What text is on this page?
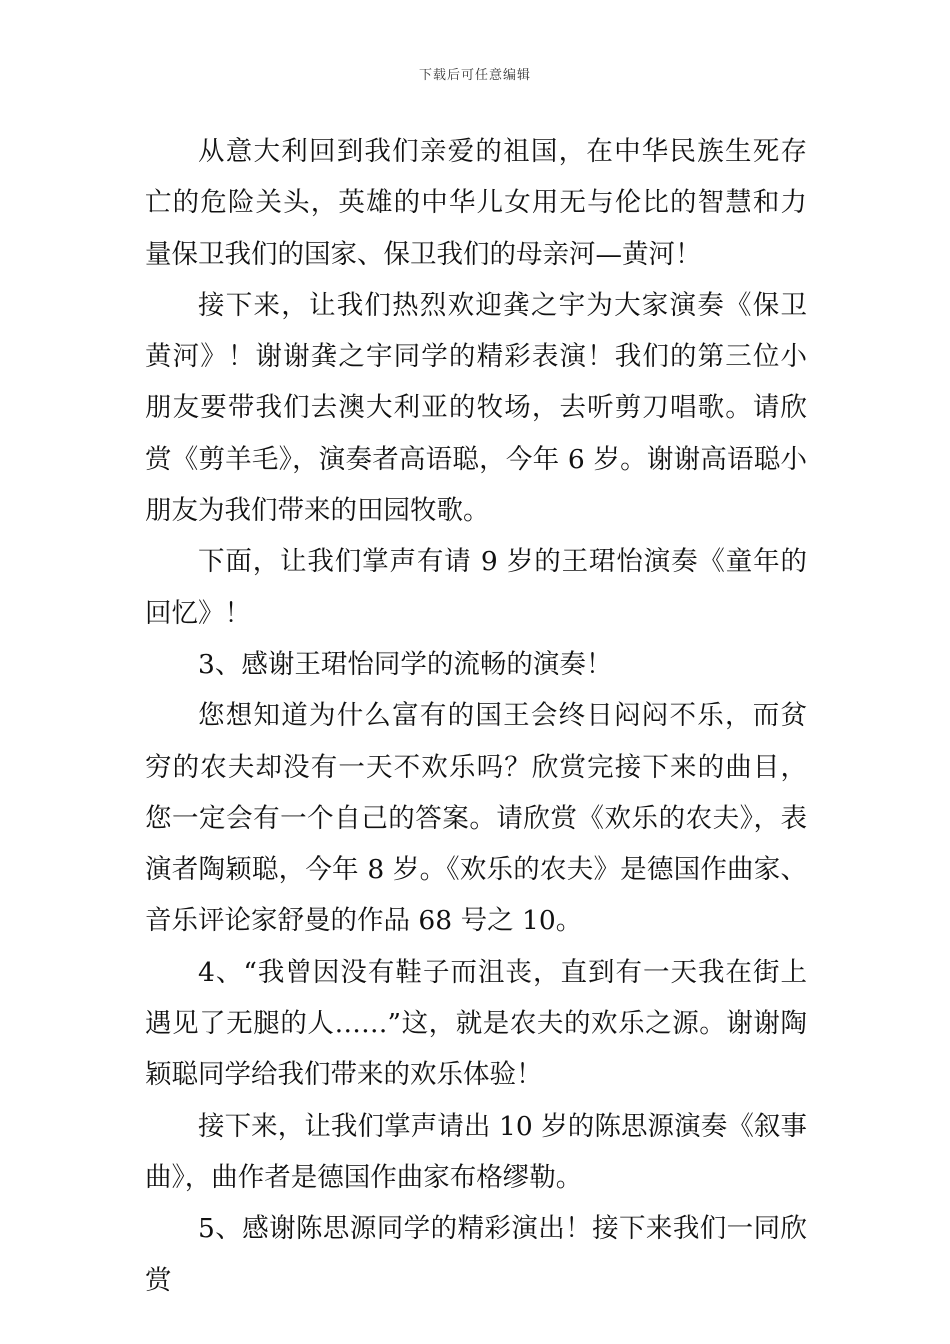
下载后可任意编辑

从意大利回到我们亲爱的祖国，在中华民族生死存亡的危险关头，英雄的中华儿女用无与伦比的智慧和力量保卫我们的国家、保卫我们的母亲河—黄河！

接下来，让我们热烈欢迎龚之宇为大家演奏《保卫黄河》！谢谢龚之宇同学的精彩表演！我们的第三位小朋友要带我们去澳大利亚的牧场，去听剪刀唱歌。请欣赏《剪羊毛》，演奏者高语聪，今年 6 岁。谢谢高语聪小朋友为我们带来的田园牧歌。

下面，让我们掌声有请 9 岁的王珺怡演奏《童年的回忆》！

3、感谢王珺怡同学的流畅的演奏！

您想知道为什么富有的国王会终日闷闷不乐，而贫穷的农夫却没有一天不欢乐吗？欣赏完接下来的曲目，您一定会有一个自己的答案。请欣赏《欢乐的农夫》，表演者陶颖聪，今年 8 岁。《欢乐的农夫》是德国作曲家、音乐评论家舒曼的作品 68 号之 10。

4、“我曾因没有鞋子而沮丧，直到有一天我在街上遇见了无腿的人……”这，就是农夫的欢乐之源。谢谢陶颖聪同学给我们带来的欢乐体验！

接下来，让我们掌声请出 10 岁的陈思源演奏《叙事曲》，曲作者是德国作曲家布格缪勒。

5、感谢陈思源同学的精彩演出！接下来我们一同欣赏
